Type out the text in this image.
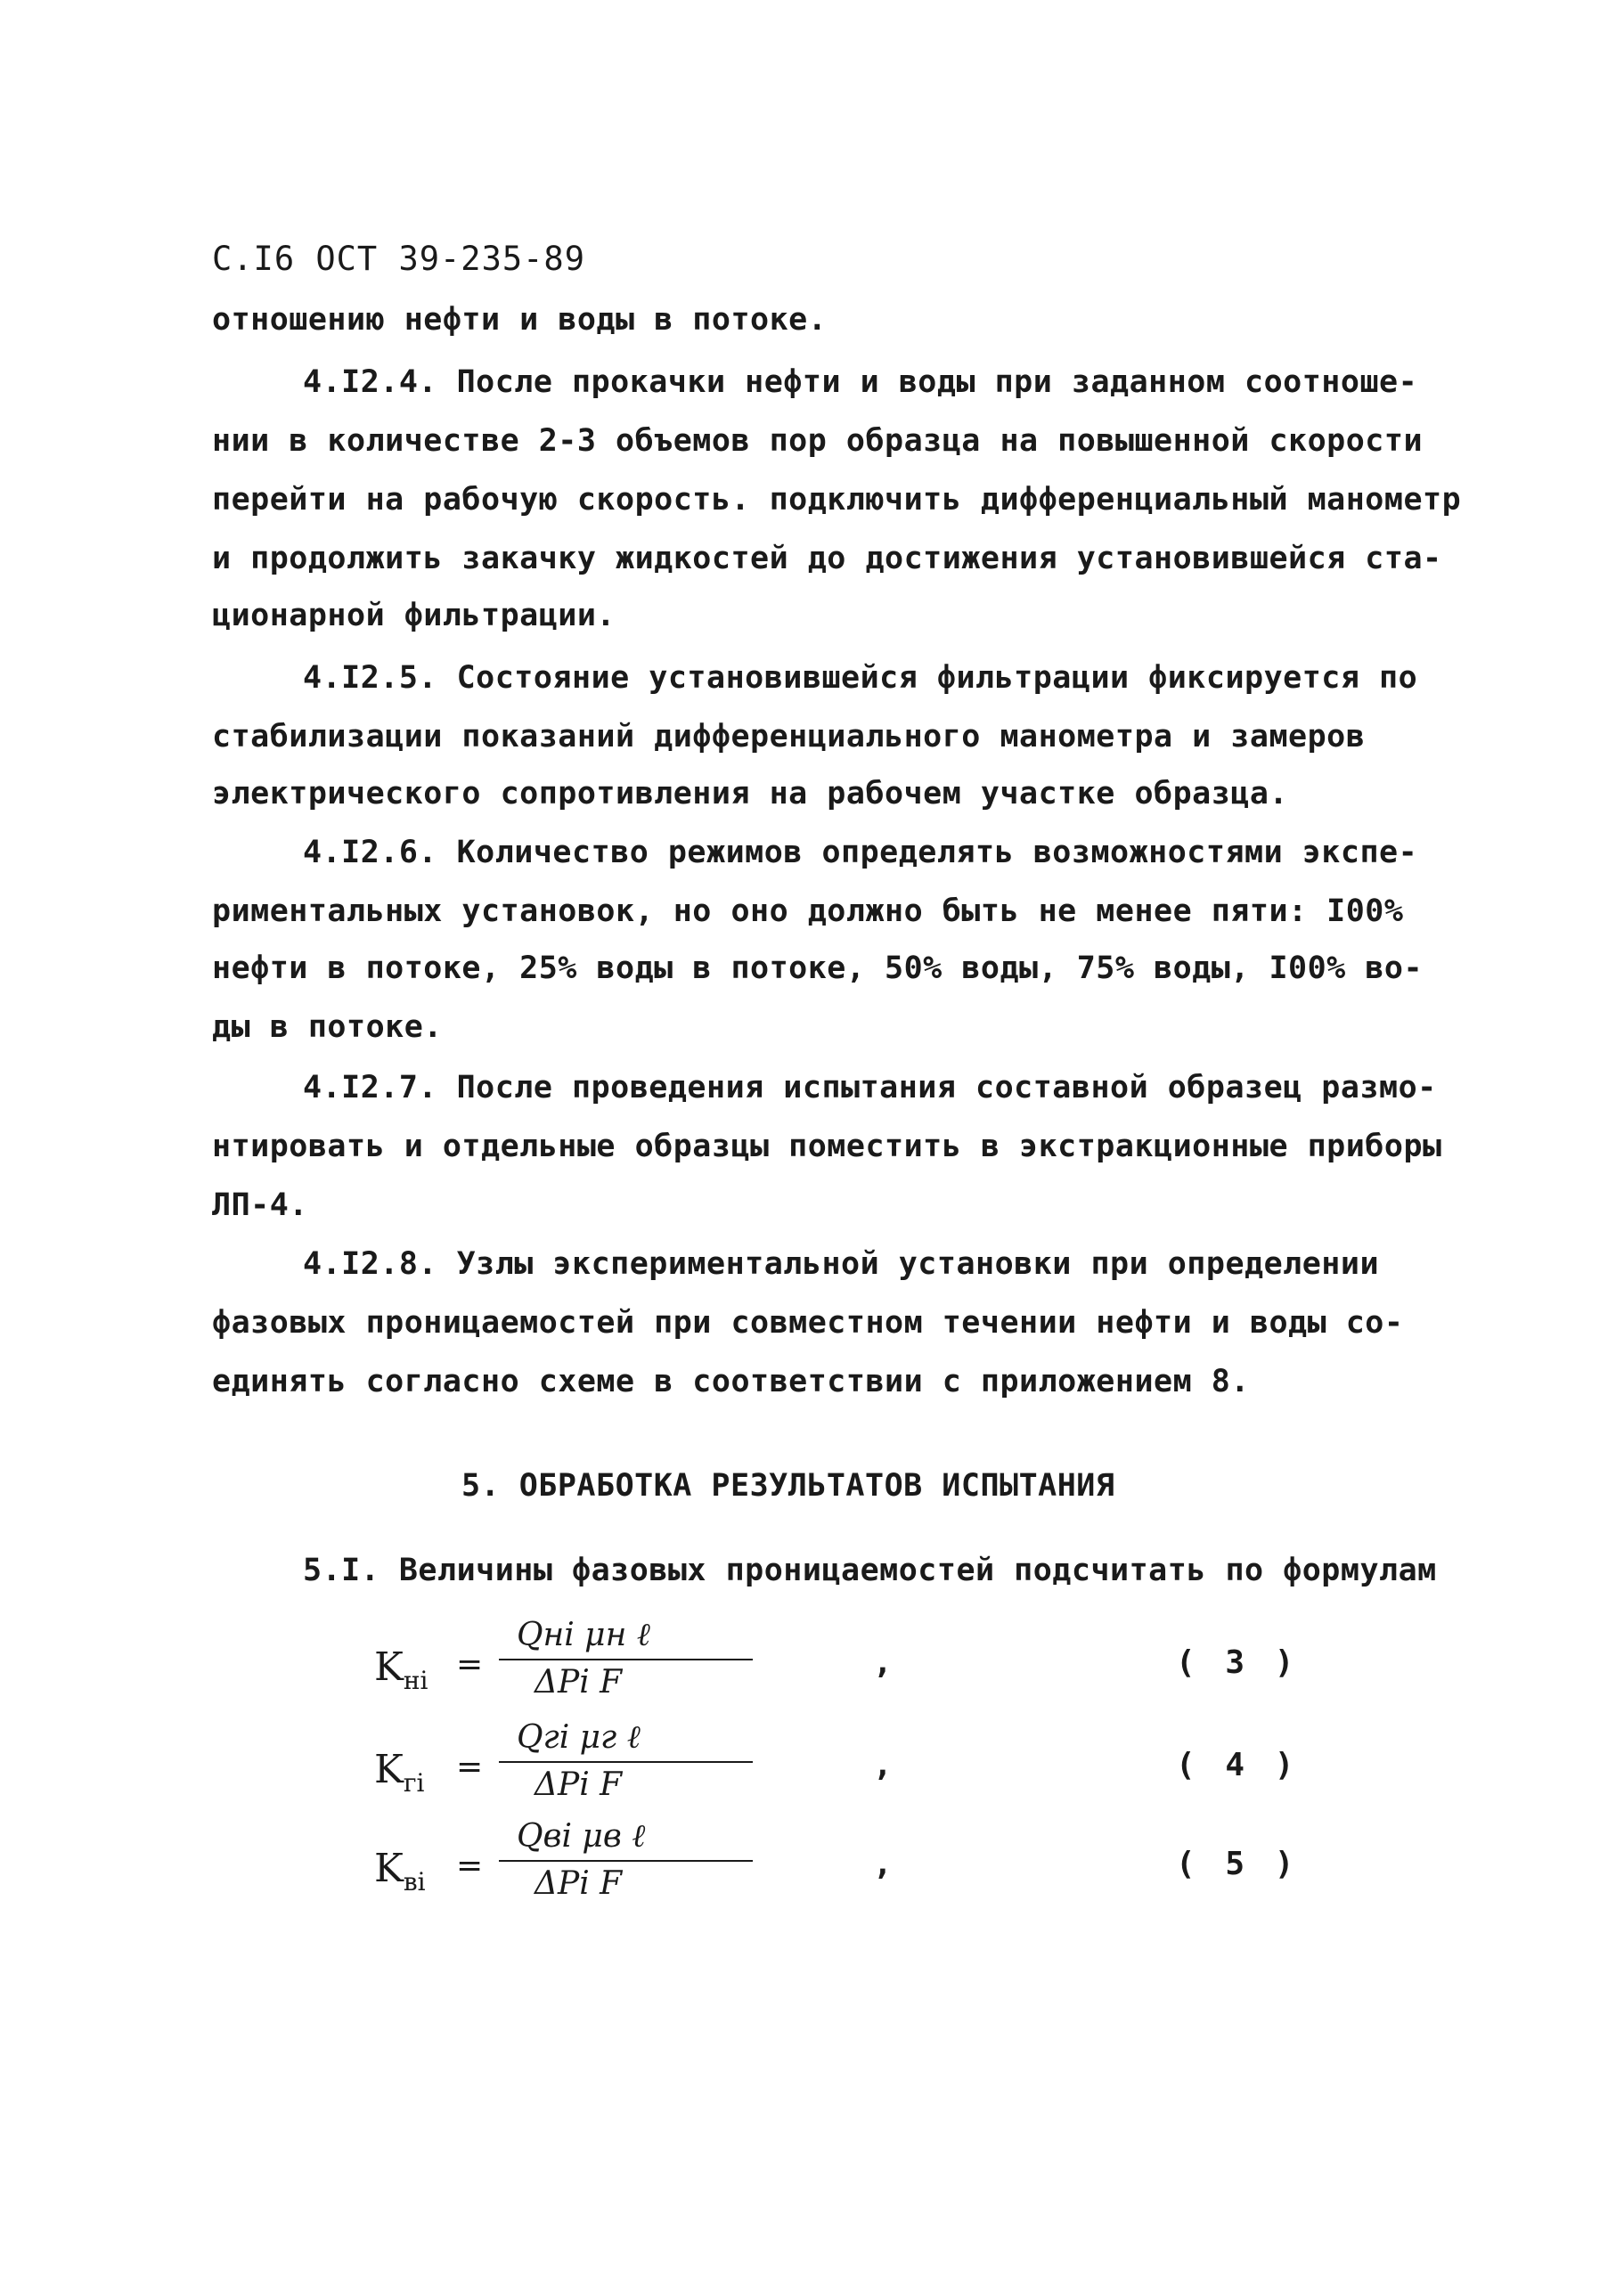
С.I6 ОСТ 39-235-89
отношению нефти и воды в потоке.
4.I2.4. После прокачки нефти и воды при заданном соотноше-
нии в количестве 2-3 объемов пор образца на повышенной скорости
перейти на рабочую скорость. подключить дифференциальный манометр
и продолжить закачку жидкостей до достижения установившейся ста-
ционарной фильтрации.
4.I2.5. Состояние установившейся фильтрации фиксируется по
стабилизации показаний дифференциального манометра и замеров
электрического сопротивления на рабочем участке образца.
4.I2.6. Количество режимов определять возможностями экспе-
риментальных установок, но оно должно быть не менее пяти: I00%
нефти в потоке, 25% воды в потоке, 50% воды, 75% воды, I00% во-
ды в потоке.
4.I2.7. После проведения испытания составной образец размо-
нтировать и отдельные образцы поместить в экстракционные приборы
ЛП-4.
4.I2.8. Узлы экспериментальной установки при определении
фазовых проницаемостей при совместном течении нефти и воды со-
единять согласно схеме в соответствии с приложением 8.
5. ОБРАБОТКА РЕЗУЛЬТАТОВ ИСПЫТАНИЯ
5.I. Величины фазовых проницаемостей подсчитать по формулам
$K_{нi}$ =
Qнi μн ℓ
ΔPi F
,	( 3 )
$K_{гi}$ =
Qгi μг ℓ
ΔPi F
,	( 4 )
$K_{вi}$ =
Qвi μв ℓ
ΔPi F
,	( 5 )
